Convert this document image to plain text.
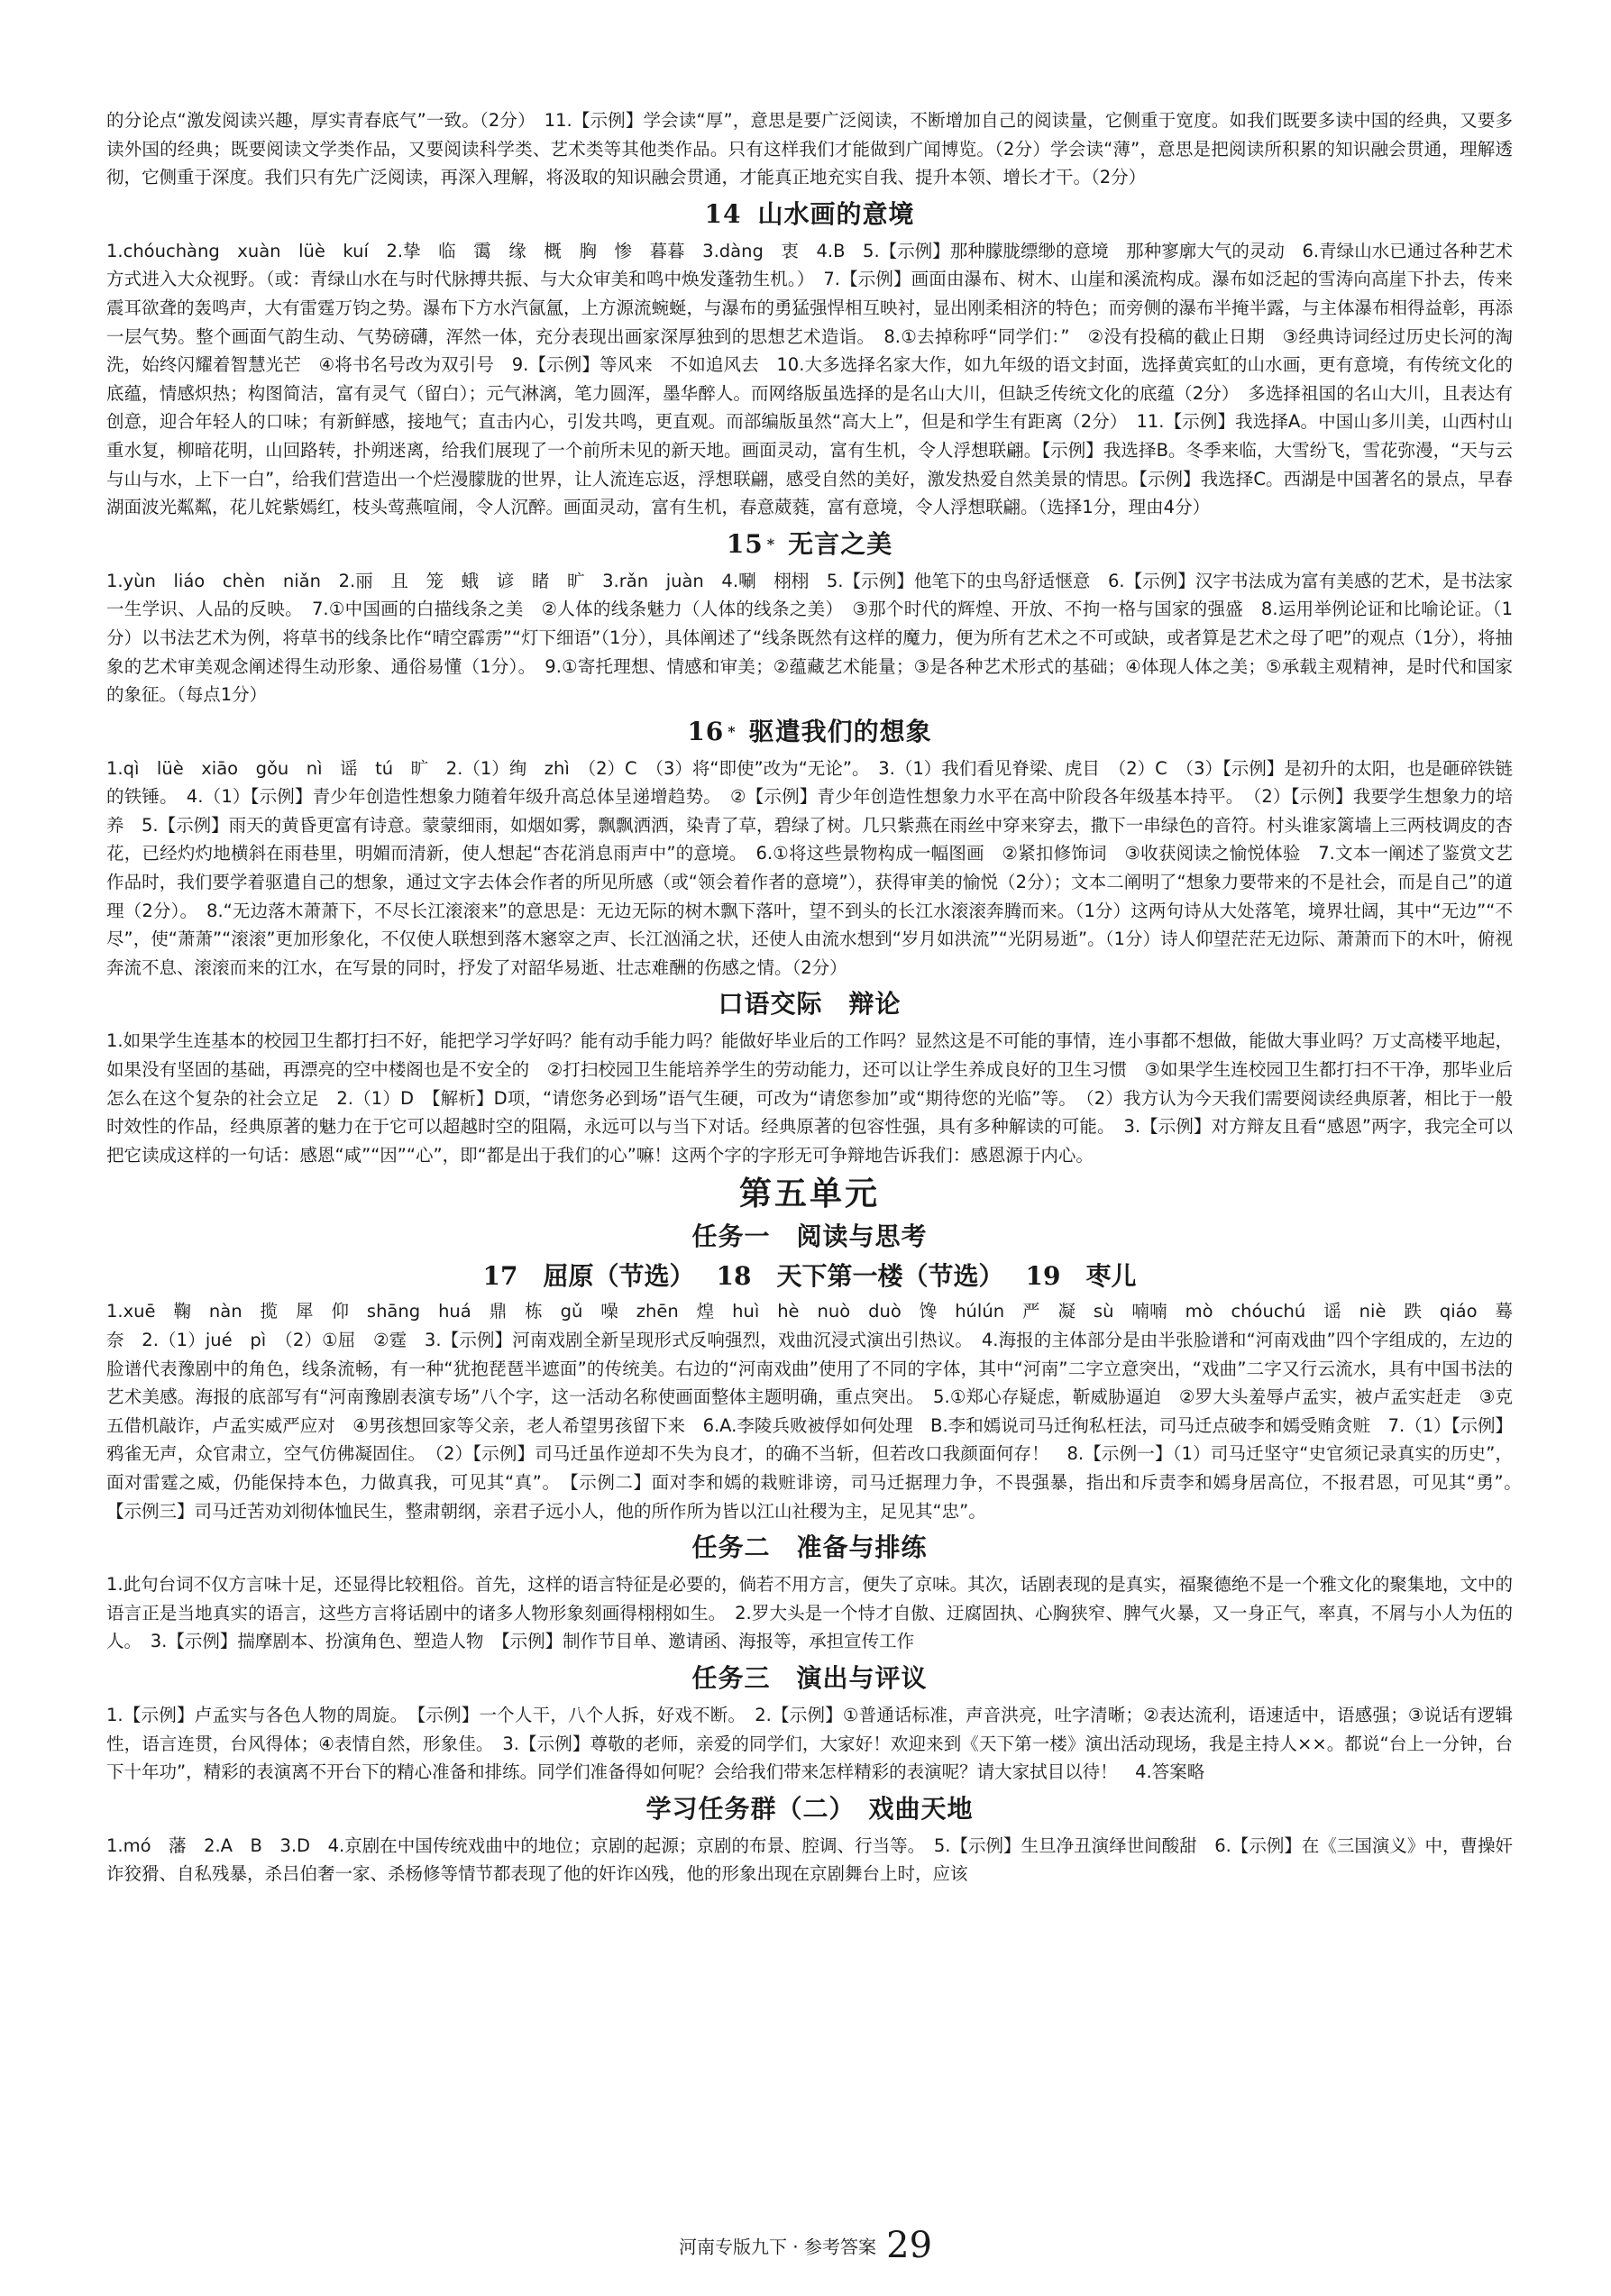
的分论点“激发阅读兴趣，厚实青春底气”一致。（2分）　11.【示例】学会读“厚”，意思是要广泛阅读，不断增加自己的阅读量，它侧重于宽度。如我们既要多读中国的经典，又要多读外国的经典；既要阅读文学类作品，又要阅读科学类、艺术类等其他类作品。只有这样我们才能做到广闻博览。（2分）学会读“薄”，意思是把阅读所积累的知识融会贯通，理解透彻，它侧重于深度。我们只有先广泛阅读，再深入理解，将汲取的知识融会贯通，才能真正地充实自我、提升本领、增长才干。（2分）

14 山水画的意境

1.chóuchàng　xuàn　lüè　kuí　2.挚　临　霭　缘　概　胸　惨　暮暮　3.dàng　衷　4.B　5.【示例】那种朦胧缥缈的意境　那种寥廓大气的灵动　6.青绿山水已通过各种艺术方式进入大众视野。（或：青绿山水在与时代脉搏共振、与大众审美和鸣中焕发蓬勃生机。）　7.【示例】画面由瀑布、树木、山崖和溪流构成。瀑布如泛起的雪涛向高崖下扑去，传来震耳欲聋的轰鸣声，大有雷霆万钧之势。瀑布下方水汽氤氲，上方源流蜿蜒，与瀑布的勇猛强悍相互映衬，显出刚柔相济的特色；而旁侧的瀑布半掩半露，与主体瀑布相得益彰，再添一层气势。整个画面气韵生动、气势磅礴，浑然一体，充分表现出画家深厚独到的思想艺术造诣。　8.①去掉称呼“同学们：”　②没有投稿的截止日期　③经典诗词经过历史长河的淘洗，始终闪耀着智慧光芒　④将书名号改为双引号　9.【示例】等风来　不如追风去　10.大多选择名家大作，如九年级的语文封面，选择黄宾虹的山水画，更有意境，有传统文化的底蕴，情感炽热；构图简洁，富有灵气（留白）；元气淋漓，笔力圆浑，墨华醉人。而网络版虽选择的是名山大川，但缺乏传统文化的底蕴（2分）　多选择祖国的名山大川，且表达有创意，迎合年轻人的口味；有新鲜感，接地气；直击内心，引发共鸣，更直观。而部编版虽然“高大上”，但是和学生有距离（2分）　11.【示例】我选择A。中国山多川美，山西村山重水复，柳暗花明，山回路转，扑朔迷离，给我们展现了一个前所未见的新天地。画面灵动，富有生机，令人浮想联翩。【示例】我选择B。冬季来临，大雪纷飞，雪花弥漫，“天与云与山与水，上下一白”，给我们营造出一个烂漫朦胧的世界，让人流连忘返，浮想联翩，感受自然的美好，激发热爱自然美景的情思。【示例】我选择C。西湖是中国著名的景点，早春湖面波光粼粼，花儿姹紫嫣红，枝头莺燕喧闹，令人沉醉。画面灵动，富有生机，春意葳蕤，富有意境，令人浮想联翩。（选择1分，理由4分）

15 * 无言之美

1.yùn　liáo　chèn　niǎn　2.丽　且　笼　蛾　谚　睹　旷　3.rǎn　juàn　4.唰　栩栩　5.【示例】他笔下的虫鸟舒适惬意　6.【示例】汉字书法成为富有美感的艺术，是书法家一生学识、人品的反映。　7.①中国画的白描线条之美　②人体的线条魅力（人体的线条之美）　③那个时代的辉煌、开放、不拘一格与国家的强盛　8.运用举例论证和比喻论证。（1分）以书法艺术为例，将草书的线条比作“晴空霹雳”“灯下细语”（1分），具体阐述了“线条既然有这样的魔力，便为所有艺术之不可或缺，或者算是艺术之母了吧”的观点（1分），将抽象的艺术审美观念阐述得生动形象、通俗易懂（1分）。　9.①寄托理想、情感和审美；②蕴藏艺术能量；③是各种艺术形式的基础；④体现人体之美；⑤承载主观精神，是时代和国家的象征。（每点1分）

16 * 驱遣我们的想象

1.qì　lüè　xiāo　gǒu　nì　谣　tú　旷　2.（1）绚　zhì　（2）C　（3）将“即使”改为“无论”。　3.（1）我们看见脊梁、虎目　（2）C　（3）【示例】是初升的太阳，也是砸碎铁链的铁锤。　4.（1）【示例】青少年创造性想象力随着年级升高总体呈递增趋势。　②【示例】青少年创造性想象力水平在高中阶段各年级基本持平。　（2）【示例】我要学生想象力的培养　5.【示例】雨天的黄昏更富有诗意。蒙蒙细雨，如烟如雾，飘飘洒洒，染青了草，碧绿了树。几只紫燕在雨丝中穿来穿去，撒下一串绿色的音符。村头谁家篱墙上三两枝调皮的杏花，已经灼灼地横斜在雨巷里，明媚而清新，使人想起“杏花消息雨声中”的意境。　6.①将这些景物构成一幅图画　②紧扣修饰词　③收获阅读之愉悦体验　7.文本一阐述了鉴赏文艺作品时，我们要学着驱遣自己的想象，通过文字去体会作者的所见所感（或“领会着作者的意境”），获得审美的愉悦（2分）；文本二阐明了“想象力要带来的不是社会，而是自己”的道理（2分）。　8.“无边落木萧萧下，不尽长江滚滚来”的意思是：无边无际的树木飘下落叶，望不到头的长江水滚滚奔腾而来。（1分）这两句诗从大处落笔，境界壮阔，其中“无边”“不尽”，使“萧萧”“滚滚”更加形象化，不仅使人联想到落木窸窣之声、长江汹涌之状，还使人由流水想到“岁月如洪流”“光阴易逝”。（1分）诗人仰望茫茫无边际、萧萧而下的木叶，俯视奔流不息、滚滚而来的江水，在写景的同时，抒发了对韶华易逝、壮志难酬的伤感之情。（2分）

口语交际　辩论

1.如果学生连基本的校园卫生都打扫不好，能把学习学好吗？能有动手能力吗？能做好毕业后的工作吗？显然这是不可能的事情，连小事都不想做，能做大事业吗？万丈高楼平地起，如果没有坚固的基础，再漂亮的空中楼阁也是不安全的　②打扫校园卫生能培养学生的劳动能力，还可以让学生养成良好的卫生习惯　③如果学生连校园卫生都打扫不干净，那毕业后怎么在这个复杂的社会立足　2.（1）D　【解析】D项，“请您务必到场”语气生硬，可改为“请您参加”或“期待您的光临”等。　（2）我方认为今天我们需要阅读经典原著，相比于一般时效性的作品，经典原著的魅力在于它可以超越时空的阻隔，永远可以与当下对话。经典原著的包容性强，具有多种解读的可能。　3.【示例】对方辩友且看“感恩”两字，我完全可以把它读成这样的一句话：感恩“咸”“因”“心”，即“都是出于我们的心”嘛！这两个字的字形无可争辩地告诉我们：感恩源于内心。

第五单元
任务一　阅读与思考
17　屈原（节选） 18　天下第一楼（节选） 19　枣儿

1.xuē　鞠　nàn　揽　犀　仰　shāng　huá　鼎　栋　gǔ　噪　zhēn　煌　huì　hè　nuò　duò　馋　húlún　严　凝　sù　喃喃　mò　chóuchú　谣　niè　跌　qiáo　蓦　奈　2.（1）jué　pì　（2）①屈　②霆　3.【示例】河南戏剧全新呈现形式反响强烈，戏曲沉浸式演出引热议。　4.海报的主体部分是由半张脸谱和“河南戏曲”四个字组成的，左边的脸谱代表豫剧中的角色，线条流畅，有一种“犹抱琵琶半遮面”的传统美。右边的“河南戏曲”使用了不同的字体，其中“河南”二字立意突出，“戏曲”二字又行云流水，具有中国书法的艺术美感。海报的底部写有“河南豫剧表演专场”八个字，这一活动名称使画面整体主题明确，重点突出。　5.①郑心存疑虑，靳威胁逼迫　②罗大头羞辱卢孟实，被卢孟实赶走　③克五借机敲诈，卢孟实威严应对　④男孩想回家等父亲，老人希望男孩留下来　6.A.李陵兵败被俘如何处理　B.李和嫣说司马迁徇私枉法，司马迁点破李和嫣受贿贪赃　7.（1）【示例】鸦雀无声，众官肃立，空气仿佛凝固住。　（2）【示例】司马迁虽作逆却不失为良才，的确不当斩，但若改口我颜面何存！　8.【示例一】（1）司马迁坚守“史官须记录真实的历史”，面对雷霆之威，仍能保持本色，力做真我，可见其“真”。　【示例二】面对李和嫣的栽赃诽谤，司马迁据理力争，不畏强暴，指出和斥责李和嫣身居高位，不报君恩，可见其“勇”。　【示例三】司马迁苦劝刘彻体恤民生，整肃朝纲，亲君子远小人，他的所作所为皆以江山社稷为主，足见其“忠”。

任务二　准备与排练

1.此句台词不仅方言味十足，还显得比较粗俗。首先，这样的语言特征是必要的，倘若不用方言，便失了京味。其次，话剧表现的是真实，福聚德绝不是一个雅文化的聚集地，文中的语言正是当地真实的语言，这些方言将话剧中的诸多人物形象刻画得栩栩如生。　2.罗大头是一个恃才自傲、迂腐固执、心胸狭窄、脾气火暴，又一身正气，率真，不屑与小人为伍的人。　3.【示例】揣摩剧本、扮演角色、塑造人物　【示例】制作节目单、邀请函、海报等，承担宣传工作

任务三　演出与评议

1.【示例】卢孟实与各色人物的周旋。　【示例】一个人干，八个人拆，好戏不断。　2.【示例】①普通话标准，声音洪亮，吐字清晰；②表达流利，语速适中，语感强；③说话有逻辑性，语言连贯，台风得体；④表情自然，形象佳。　3.【示例】尊敬的老师，亲爱的同学们，大家好！欢迎来到《天下第一楼》演出活动现场，我是主持人××。都说“台上一分钟，台下十年功”，精彩的表演离不开台下的精心准备和排练。同学们准备得如何呢？会给我们带来怎样精彩的表演呢？请大家拭目以待！　4.答案略

学习任务群（二）　戏曲天地

1.mó　藩　2.A　B　3.D　4.京剧在中国传统戏曲中的地位；京剧的起源；京剧的布景、腔调、行当等。　5.【示例】生旦净丑演绎世间酸甜　6.【示例】在《三国演义》中，曹操奸诈狡猾、自私残暴，杀吕伯奢一家、杀杨修等情节都表现了他的奸诈凶残，他的形象出现在京剧舞台上时，应该

河南专版九下 · 参考答案 29
